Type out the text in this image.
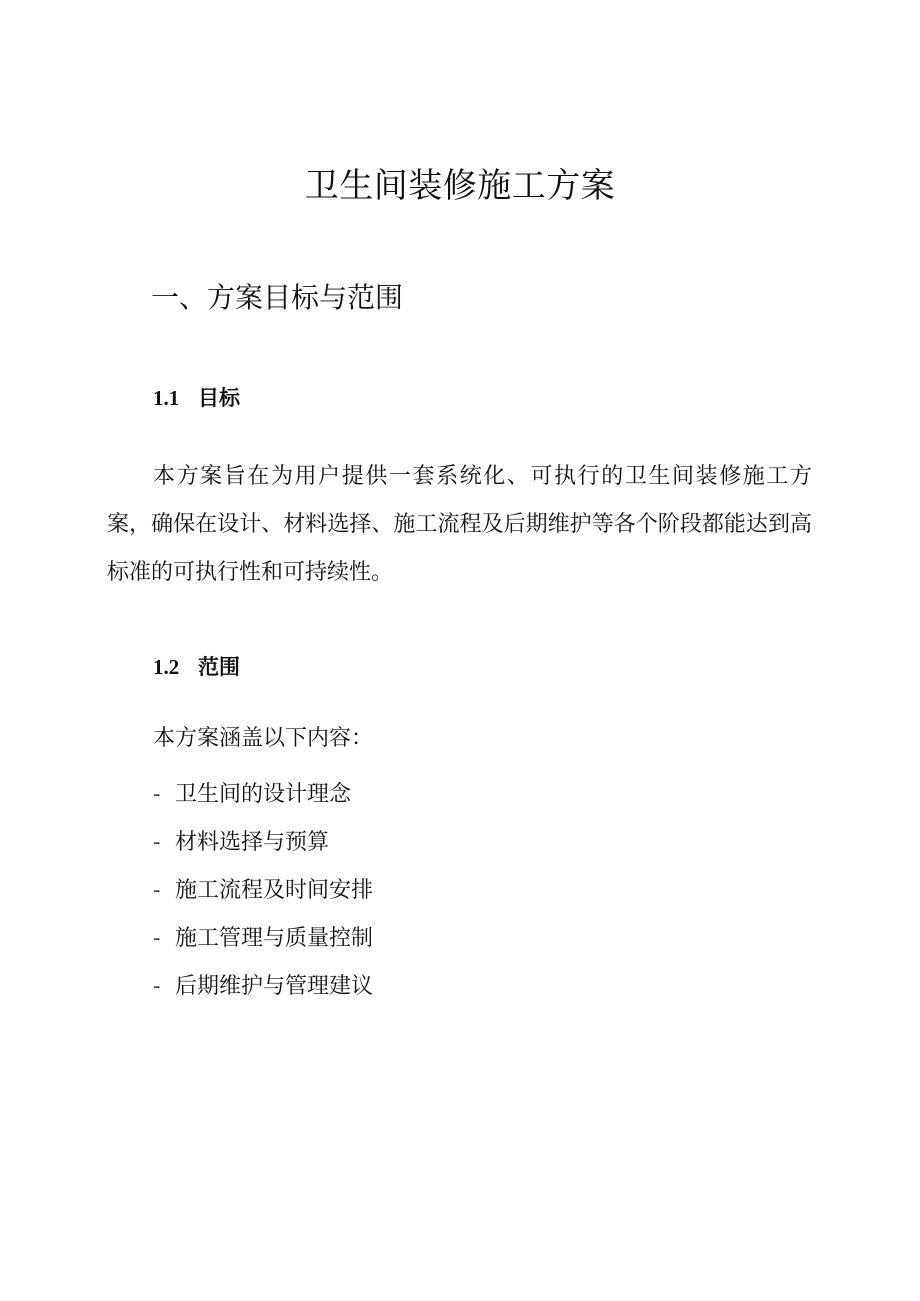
卫生间装修施工方案
一、方案目标与范围
1.1 目标

本方案旨在为用户提供一套系统化、可执行的卫生间装修施工方案，确保在设计、材料选择、施工流程及后期维护等各个阶段都能达到高标准的可执行性和可持续性。

1.2 范围

本方案涵盖以下内容：

- 卫生间的设计理念
- 材料选择与预算
- 施工流程及时间安排
- 施工管理与质量控制
- 后期维护与管理建议
